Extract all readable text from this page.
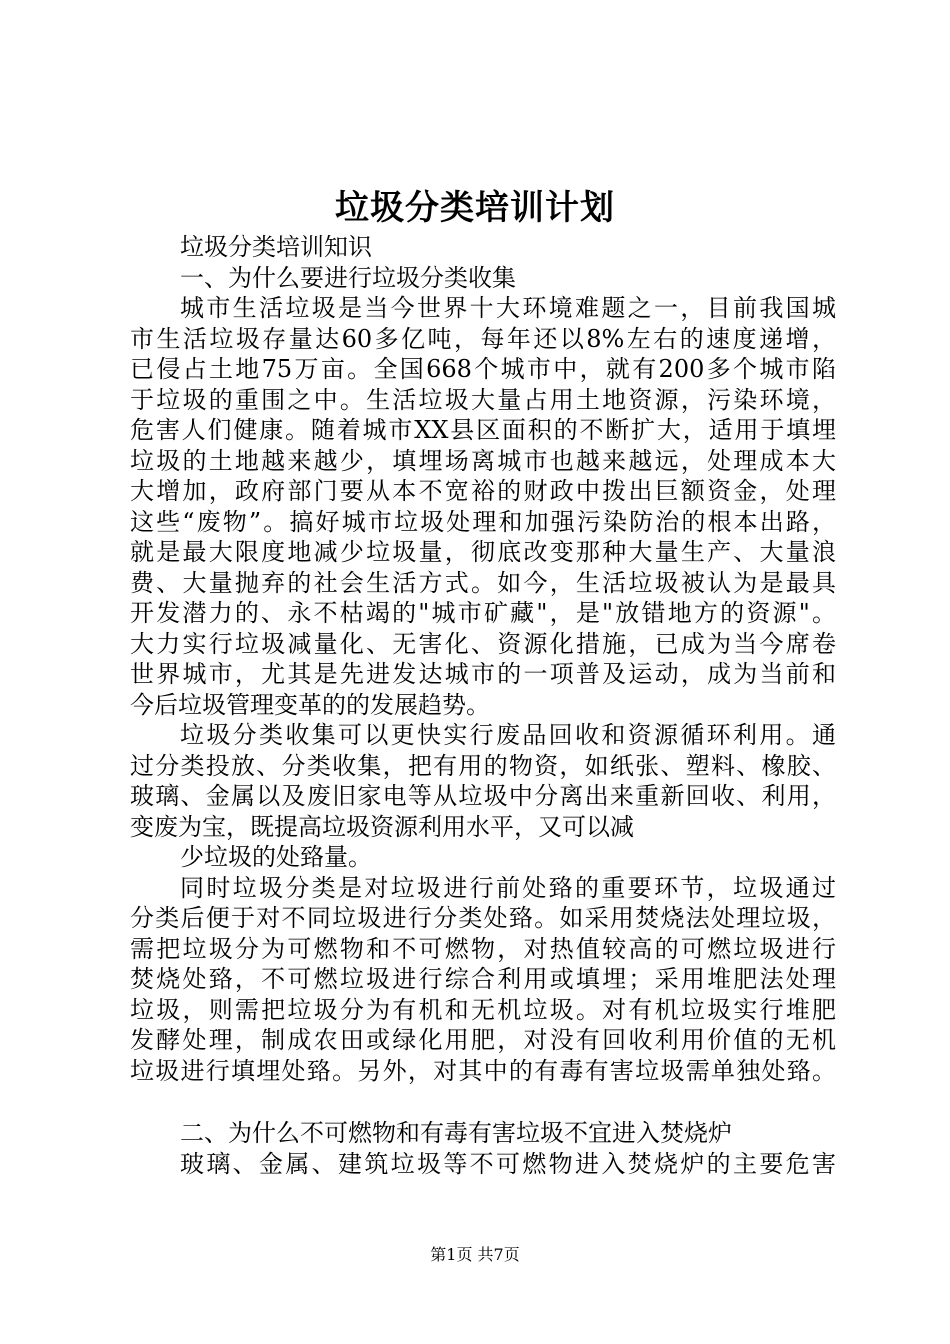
垃圾分类培训计划
垃圾分类培训知识
一、为什么要进行垃圾分类收集
城市生活垃圾是当今世界十大环境难题之一，目前我国城
市生活垃圾存量达60多亿吨，每年还以8%左右的速度递增，
已侵占土地75万亩。全国668个城市中，就有200多个城市陷
于垃圾的重围之中。生活垃圾大量占用土地资源，污染环境，
危害人们健康。随着城市XX县区面积的不断扩大，适用于填埋
垃圾的土地越来越少，填埋场离城市也越来越远，处理成本大
大增加，政府部门要从本不宽裕的财政中拨出巨额资金，处理
这些“废物”。搞好城市垃圾处理和加强污染防治的根本出路，
就是最大限度地减少垃圾量，彻底改变那种大量生产、大量浪
费、大量抛弃的社会生活方式。如今，生活垃圾被认为是最具
开发潜力的、永不枯竭的"城市矿藏"，是"放错地方的资源"。
大力实行垃圾减量化、无害化、资源化措施，已成为当今席卷
世界城市，尤其是先进发达城市的一项普及运动，成为当前和
今后垃圾管理变革的的发展趋势。
垃圾分类收集可以更快实行废品回收和资源循环利用。通
过分类投放、分类收集，把有用的物资，如纸张、塑料、橡胶、
玻璃、金属以及废旧家电等从垃圾中分离出来重新回收、利用，
变废为宝，既提高垃圾资源利用水平，又可以减
少垃圾的处臵量。
同时垃圾分类是对垃圾进行前处臵的重要环节，垃圾通过
分类后便于对不同垃圾进行分类处臵。如采用焚烧法处理垃圾，
需把垃圾分为可燃物和不可燃物，对热值较高的可燃垃圾进行
焚烧处臵，不可燃垃圾进行综合利用或填埋；采用堆肥法处理
垃圾，则需把垃圾分为有机和无机垃圾。对有机垃圾实行堆肥
发酵处理，制成农田或绿化用肥，对没有回收利用价值的无机
垃圾进行填埋处臵。另外，对其中的有毒有害垃圾需单独处臵。
二、为什么不可燃物和有毒有害垃圾不宜进入焚烧炉
玻璃、金属、建筑垃圾等不可燃物进入焚烧炉的主要危害
第1页 共7页
